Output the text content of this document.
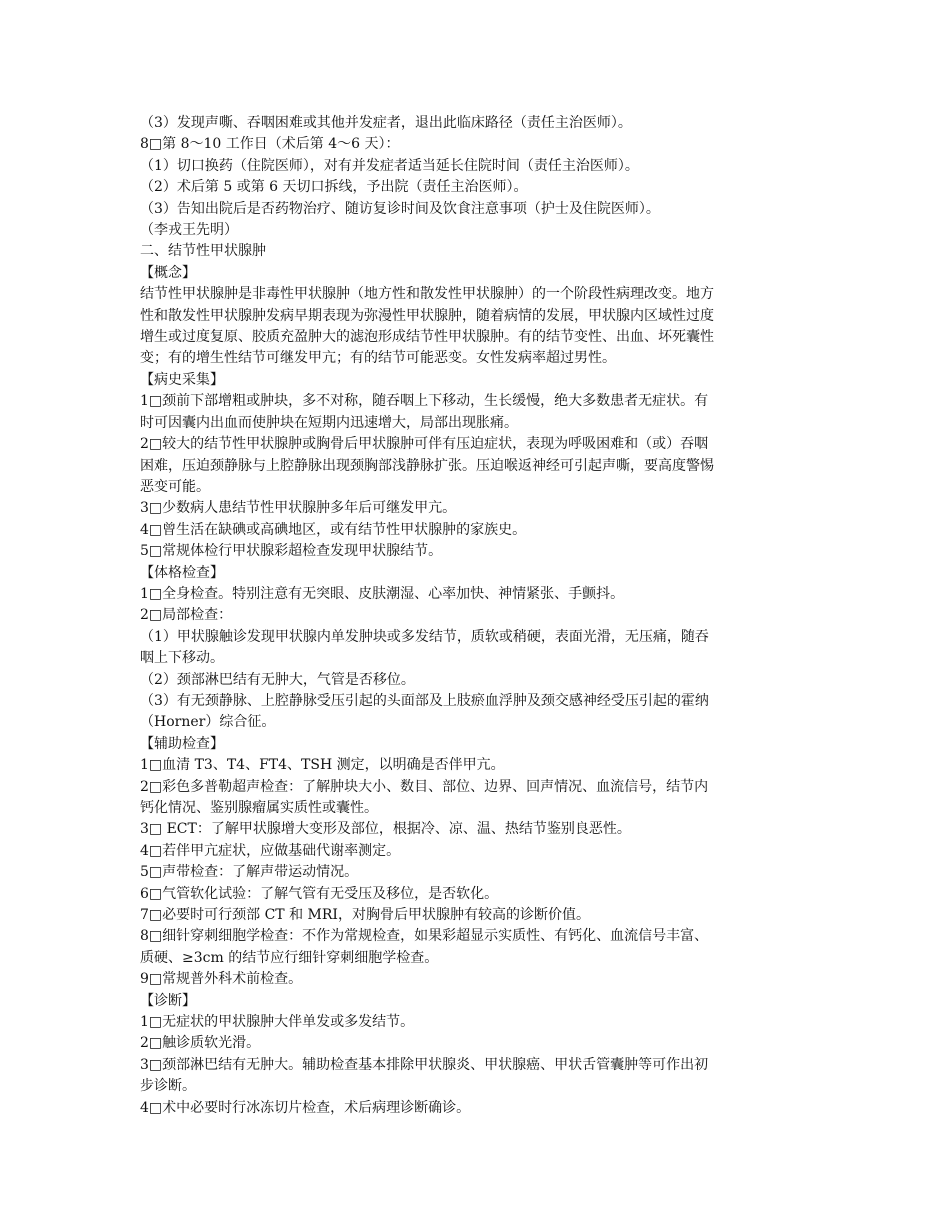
（3）发现声嘶、吞咽困难或其他并发症者，退出此临床路径（责任主治医师）。

8□第 8～10 工作日（术后第 4～6 天）：

（1）切口换药（住院医师），对有并发症者适当延长住院时间（责任主治医师）。

（2）术后第 5 或第 6 天切口拆线，予出院（责任主治医师）。

（3）告知出院后是否药物治疗、随访复诊时间及饮食注意事项（护士及住院医师）。

（李戎王先明）

二、结节性甲状腺肿

【概念】

结节性甲状腺肿是非毒性甲状腺肿（地方性和散发性甲状腺肿）的一个阶段性病理改变。地方

性和散发性甲状腺肿发病早期表现为弥漫性甲状腺肿，随着病情的发展，甲状腺内区域性过度

增生或过度复原、胶质充盈肿大的滤泡形成结节性甲状腺肿。有的结节变性、出血、坏死囊性

变；有的增生性结节可继发甲亢；有的结节可能恶变。女性发病率超过男性。

【病史采集】

1□颈前下部增粗或肿块，多不对称，随吞咽上下移动，生长缓慢，绝大多数患者无症状。有

时可因囊内出血而使肿块在短期内迅速增大，局部出现胀痛。

2□较大的结节性甲状腺肿或胸骨后甲状腺肿可伴有压迫症状，表现为呼吸困难和（或）吞咽

困难，压迫颈静脉与上腔静脉出现颈胸部浅静脉扩张。压迫喉返神经可引起声嘶，要高度警惕

恶变可能。

3□少数病人患结节性甲状腺肿多年后可继发甲亢。

4□曾生活在缺碘或高碘地区，或有结节性甲状腺肿的家族史。

5□常规体检行甲状腺彩超检查发现甲状腺结节。

【体格检查】

1□全身检查。特别注意有无突眼、皮肤潮湿、心率加快、神情紧张、手颤抖。

2□局部检查：

（1）甲状腺触诊发现甲状腺内单发肿块或多发结节，质软或稍硬，表面光滑，无压痛，随吞

咽上下移动。

（2）颈部淋巴结有无肿大，气管是否移位。

（3）有无颈静脉、上腔静脉受压引起的头面部及上肢瘀血浮肿及颈交感神经受压引起的霍纳

（Horner）综合征。

【辅助检查】

1□血清 T3、T4、FT4、TSH 测定，以明确是否伴甲亢。

2□彩色多普勒超声检查：了解肿块大小、数目、部位、边界、回声情况、血流信号，结节内

钙化情况、鉴别腺瘤属实质性或囊性。

3□ ECT：了解甲状腺增大变形及部位，根据冷、凉、温、热结节鉴别良恶性。

4□若伴甲亢症状，应做基础代谢率测定。

5□声带检查：了解声带运动情况。

6□气管软化试验：了解气管有无受压及移位，是否软化。

7□必要时可行颈部 CT 和 MRI，对胸骨后甲状腺肿有较高的诊断价值。

8□细针穿刺细胞学检查：不作为常规检查，如果彩超显示实质性、有钙化、血流信号丰富、

质硬、≥3cm 的结节应行细针穿刺细胞学检查。

9□常规普外科术前检查。

【诊断】

1□无症状的甲状腺肿大伴单发或多发结节。

2□触诊质软光滑。

3□颈部淋巴结有无肿大。辅助检查基本排除甲状腺炎、甲状腺癌、甲状舌管囊肿等可作出初

步诊断。

4□术中必要时行冰冻切片检查，术后病理诊断确诊。
